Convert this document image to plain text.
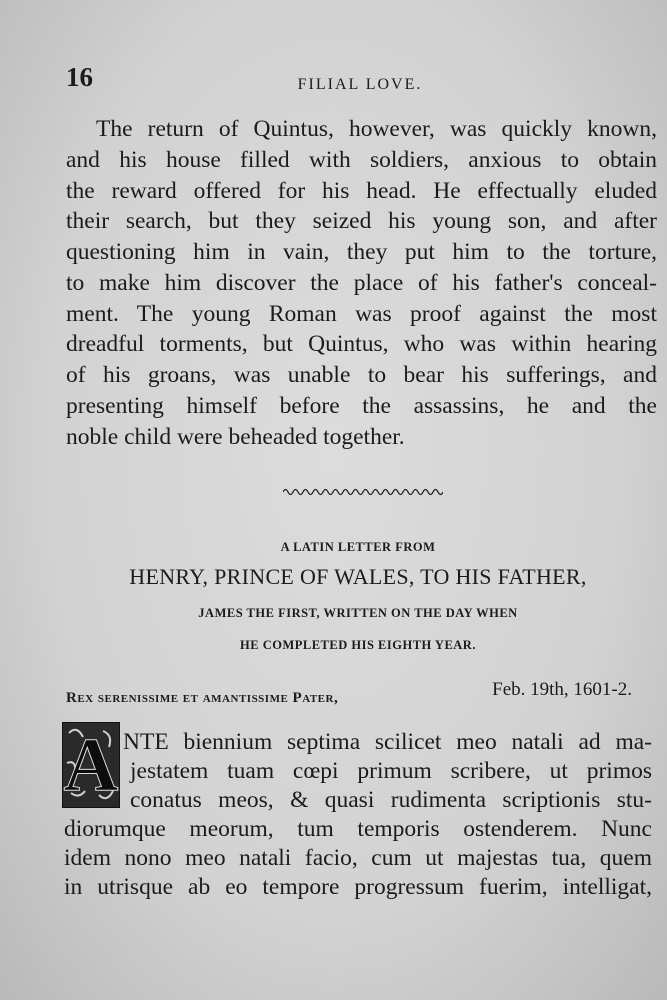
16	FILIAL LOVE.
The return of Quintus, however, was quickly known,
and his house filled with soldiers, anxious to obtain
the reward offered for his head. He effectually eluded
their search, but they seized his young son, and after
questioning him in vain, they put him to the torture,
to make him discover the place of his father's conceal-
ment. The young Roman was proof against the most
dreadful torments, but Quintus, who was within hearing
of his groans, was unable to bear his sufferings, and
presenting himself before the assassins, he and the
noble child were beheaded together.
A LATIN LETTER FROM
HENRY, PRINCE OF WALES, TO HIS FATHER,
JAMES THE FIRST, WRITTEN ON THE DAY WHEN
HE COMPLETED HIS EIGHTH YEAR.
Feb. 19th, 1601-2.
Rex serenissime et amantissime Pater,
A NTE biennium septima scilicet meo natali ad ma-
jestatem tuam cœpi primum scribere, ut primos
conatus meos, & quasi rudimenta scriptionis stu-
diorumque meorum, tum temporis ostenderem. Nunc
idem nono meo natali facio, cum ut majestas tua, quem
in utrisque ab eo tempore progressum fuerim, intelligat,
